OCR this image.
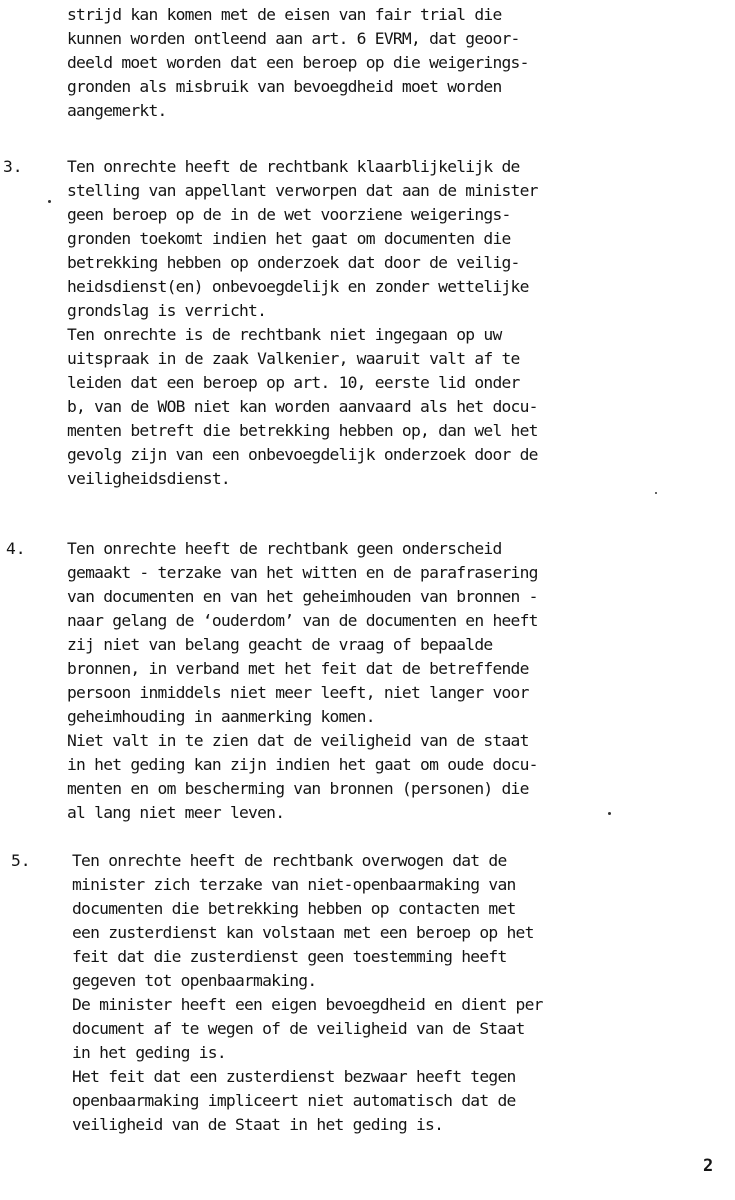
strijd kan komen met de eisen van fair trial die
kunnen worden ontleend aan art. 6 EVRM, dat geoor-
deeld moet worden dat een beroep op die weigerings-
gronden als misbruik van bevoegdheid moet worden
aangemerkt.
3.	Ten onrechte heeft de rechtbank klaarblijkelijk de
stelling van appellant verworpen dat aan de minister
geen beroep op de in de wet voorziene weigerings-
gronden toekomt indien het gaat om documenten die
betrekking hebben op onderzoek dat door de veilig-
heidsdienst(en) onbevoegdelijk en zonder wettelijke
grondslag is verricht.
Ten onrechte is de rechtbank niet ingegaan op uw
uitspraak in de zaak Valkenier, waaruit valt af te
leiden dat een beroep op art. 10, eerste lid onder
b, van de WOB niet kan worden aanvaard als het docu-
menten betreft die betrekking hebben op, dan wel het
gevolg zijn van een onbevoegdelijk onderzoek door de
veiligheidsdienst.
4.	Ten onrechte heeft de rechtbank geen onderscheid
gemaakt - terzake van het witten en de parafrasering
van documenten en van het geheimhouden van bronnen -
naar gelang de ‘ouderdom’ van de documenten en heeft
zij niet van belang geacht de vraag of bepaalde
bronnen, in verband met het feit dat de betreffende
persoon inmiddels niet meer leeft, niet langer voor
geheimhouding in aanmerking komen.
Niet valt in te zien dat de veiligheid van de staat
in het geding kan zijn indien het gaat om oude docu-
menten en om bescherming van bronnen (personen) die
al lang niet meer leven.
5.	Ten onrechte heeft de rechtbank overwogen dat de
minister zich terzake van niet-openbaarmaking van
documenten die betrekking hebben op contacten met
een zusterdienst kan volstaan met een beroep op het
feit dat die zusterdienst geen toestemming heeft
gegeven tot openbaarmaking.
De minister heeft een eigen bevoegdheid en dient per
document af te wegen of de veiligheid van de Staat
in het geding is.
Het feit dat een zusterdienst bezwaar heeft tegen
openbaarmaking impliceert niet automatisch dat de
veiligheid van de Staat in het geding is.
2
